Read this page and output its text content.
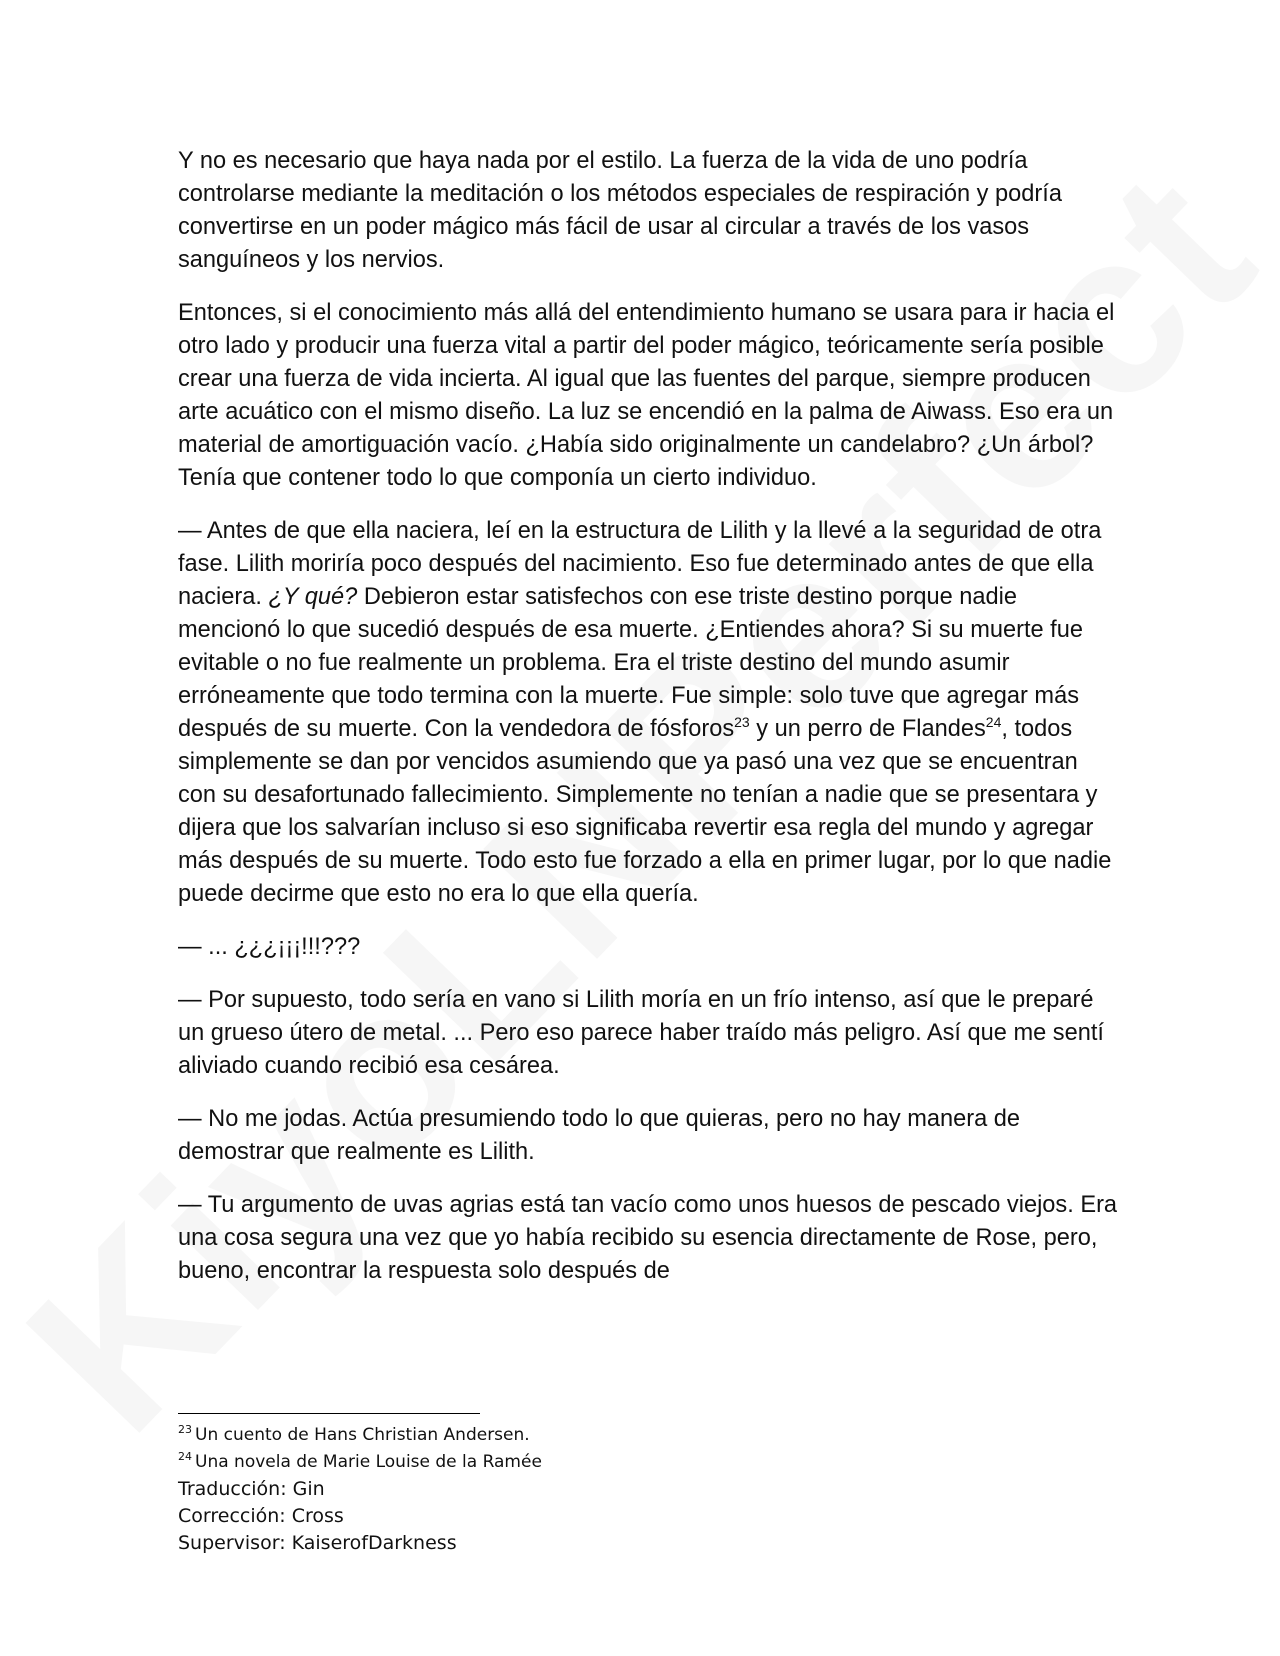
Y no es necesario que haya nada por el estilo. La fuerza de la vida de uno podría controlarse mediante la meditación o los métodos especiales de respiración y podría convertirse en un poder mágico más fácil de usar al circular a través de los vasos sanguíneos y los nervios.

Entonces, si el conocimiento más allá del entendimiento humano se usara para ir hacia el otro lado y producir una fuerza vital a partir del poder mágico, teóricamente sería posible crear una fuerza de vida incierta. Al igual que las fuentes del parque, siempre producen arte acuático con el mismo diseño. La luz se encendió en la palma de Aiwass. Eso era un material de amortiguación vacío. ¿Había sido originalmente un candelabro? ¿Un árbol? Tenía que contener todo lo que componía un cierto individuo.

— Antes de que ella naciera, leí en la estructura de Lilith y la llevé a la seguridad de otra fase. Lilith moriría poco después del nacimiento. Eso fue determinado antes de que ella naciera. ¿Y qué? Debieron estar satisfechos con ese triste destino porque nadie mencionó lo que sucedió después de esa muerte. ¿Entiendes ahora? Si su muerte fue evitable o no fue realmente un problema. Era el triste destino del mundo asumir erróneamente que todo termina con la muerte. Fue simple: solo tuve que agregar más después de su muerte. Con la vendedora de fósforos$^{23}$ y un perro de Flandes$^{24}$, todos simplemente se dan por vencidos asumiendo que ya pasó una vez que se encuentran con su desafortunado fallecimiento. Simplemente no tenían a nadie que se presentara y dijera que los salvarían incluso si eso significaba revertir esa regla del mundo y agregar más después de su muerte. Todo esto fue forzado a ella en primer lugar, por lo que nadie puede decirme que esto no era lo que ella quería.

— ... ¿¿¿¡¡¡!!!???

— Por supuesto, todo sería en vano si Lilith moría en un frío intenso, así que le preparé un grueso útero de metal. ... Pero eso parece haber traído más peligro. Así que me sentí aliviado cuando recibió esa cesárea.

— No me jodas. Actúa presumiendo todo lo que quieras, pero no hay manera de demostrar que realmente es Lilith.

— Tu argumento de uvas agrias está tan vacío como unos huesos de pescado viejos. Era una cosa segura una vez que yo había recibido su esencia directamente de Rose, pero, bueno, encontrar la respuesta solo después de

$^{23}$ Un cuento de Hans Christian Andersen.

$^{24}$ Una novela de Marie Louise de la Ramée

Traducción: Gin

Corrección: Cross

Supervisor: KaiserofDarkness
